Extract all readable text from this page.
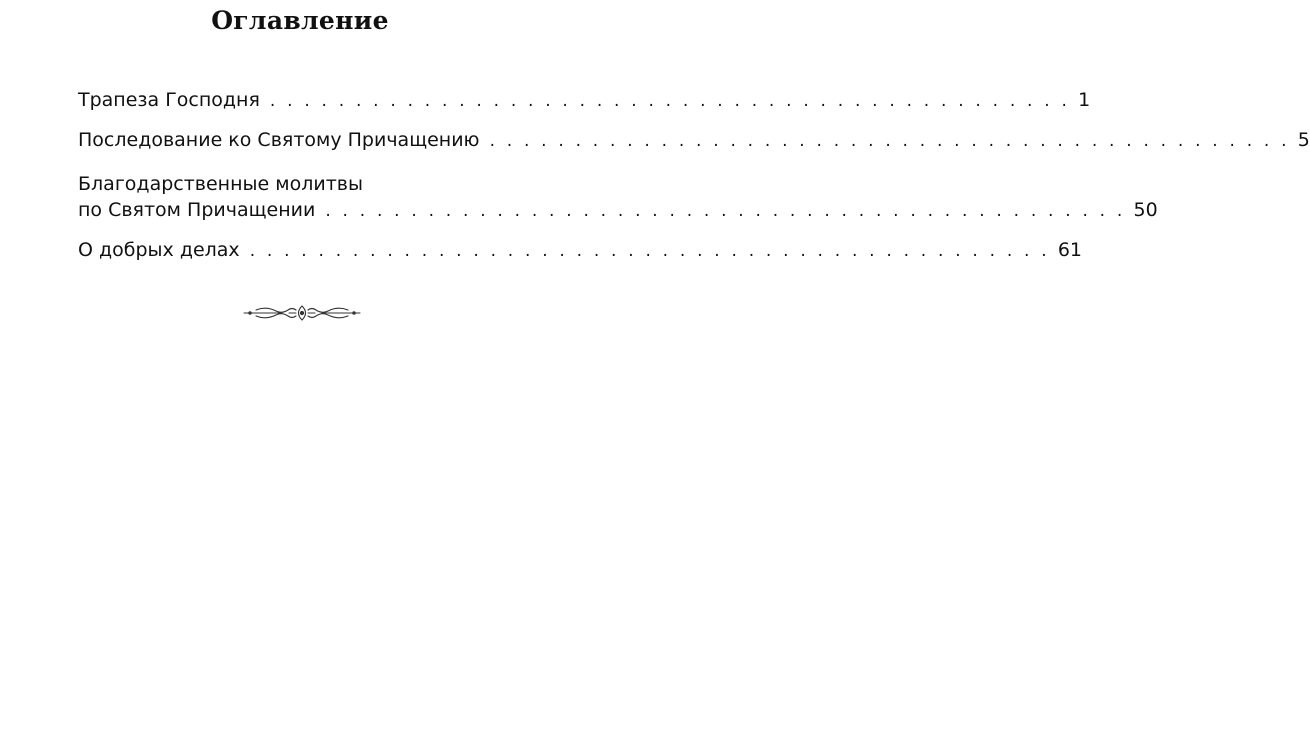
Оглавление
Трапеза Господня . . . . . . . . . . . . . . . . . . . . . . . . . . . . . . . . . . . . . . . . . . . . . . . 1
Последование ко Святому Причащению . . . . . . . . . . . . . . . . . . . . . . . . . . . . . . . . . . . . . . . . . . . . . . . 5
Благодарственные молитвы
по Святом Причащении . . . . . . . . . . . . . . . . . . . . . . . . . . . . . . . . . . . . . . . . . . . . . . . 50
О добрых делах . . . . . . . . . . . . . . . . . . . . . . . . . . . . . . . . . . . . . . . . . . . . . . . 61
